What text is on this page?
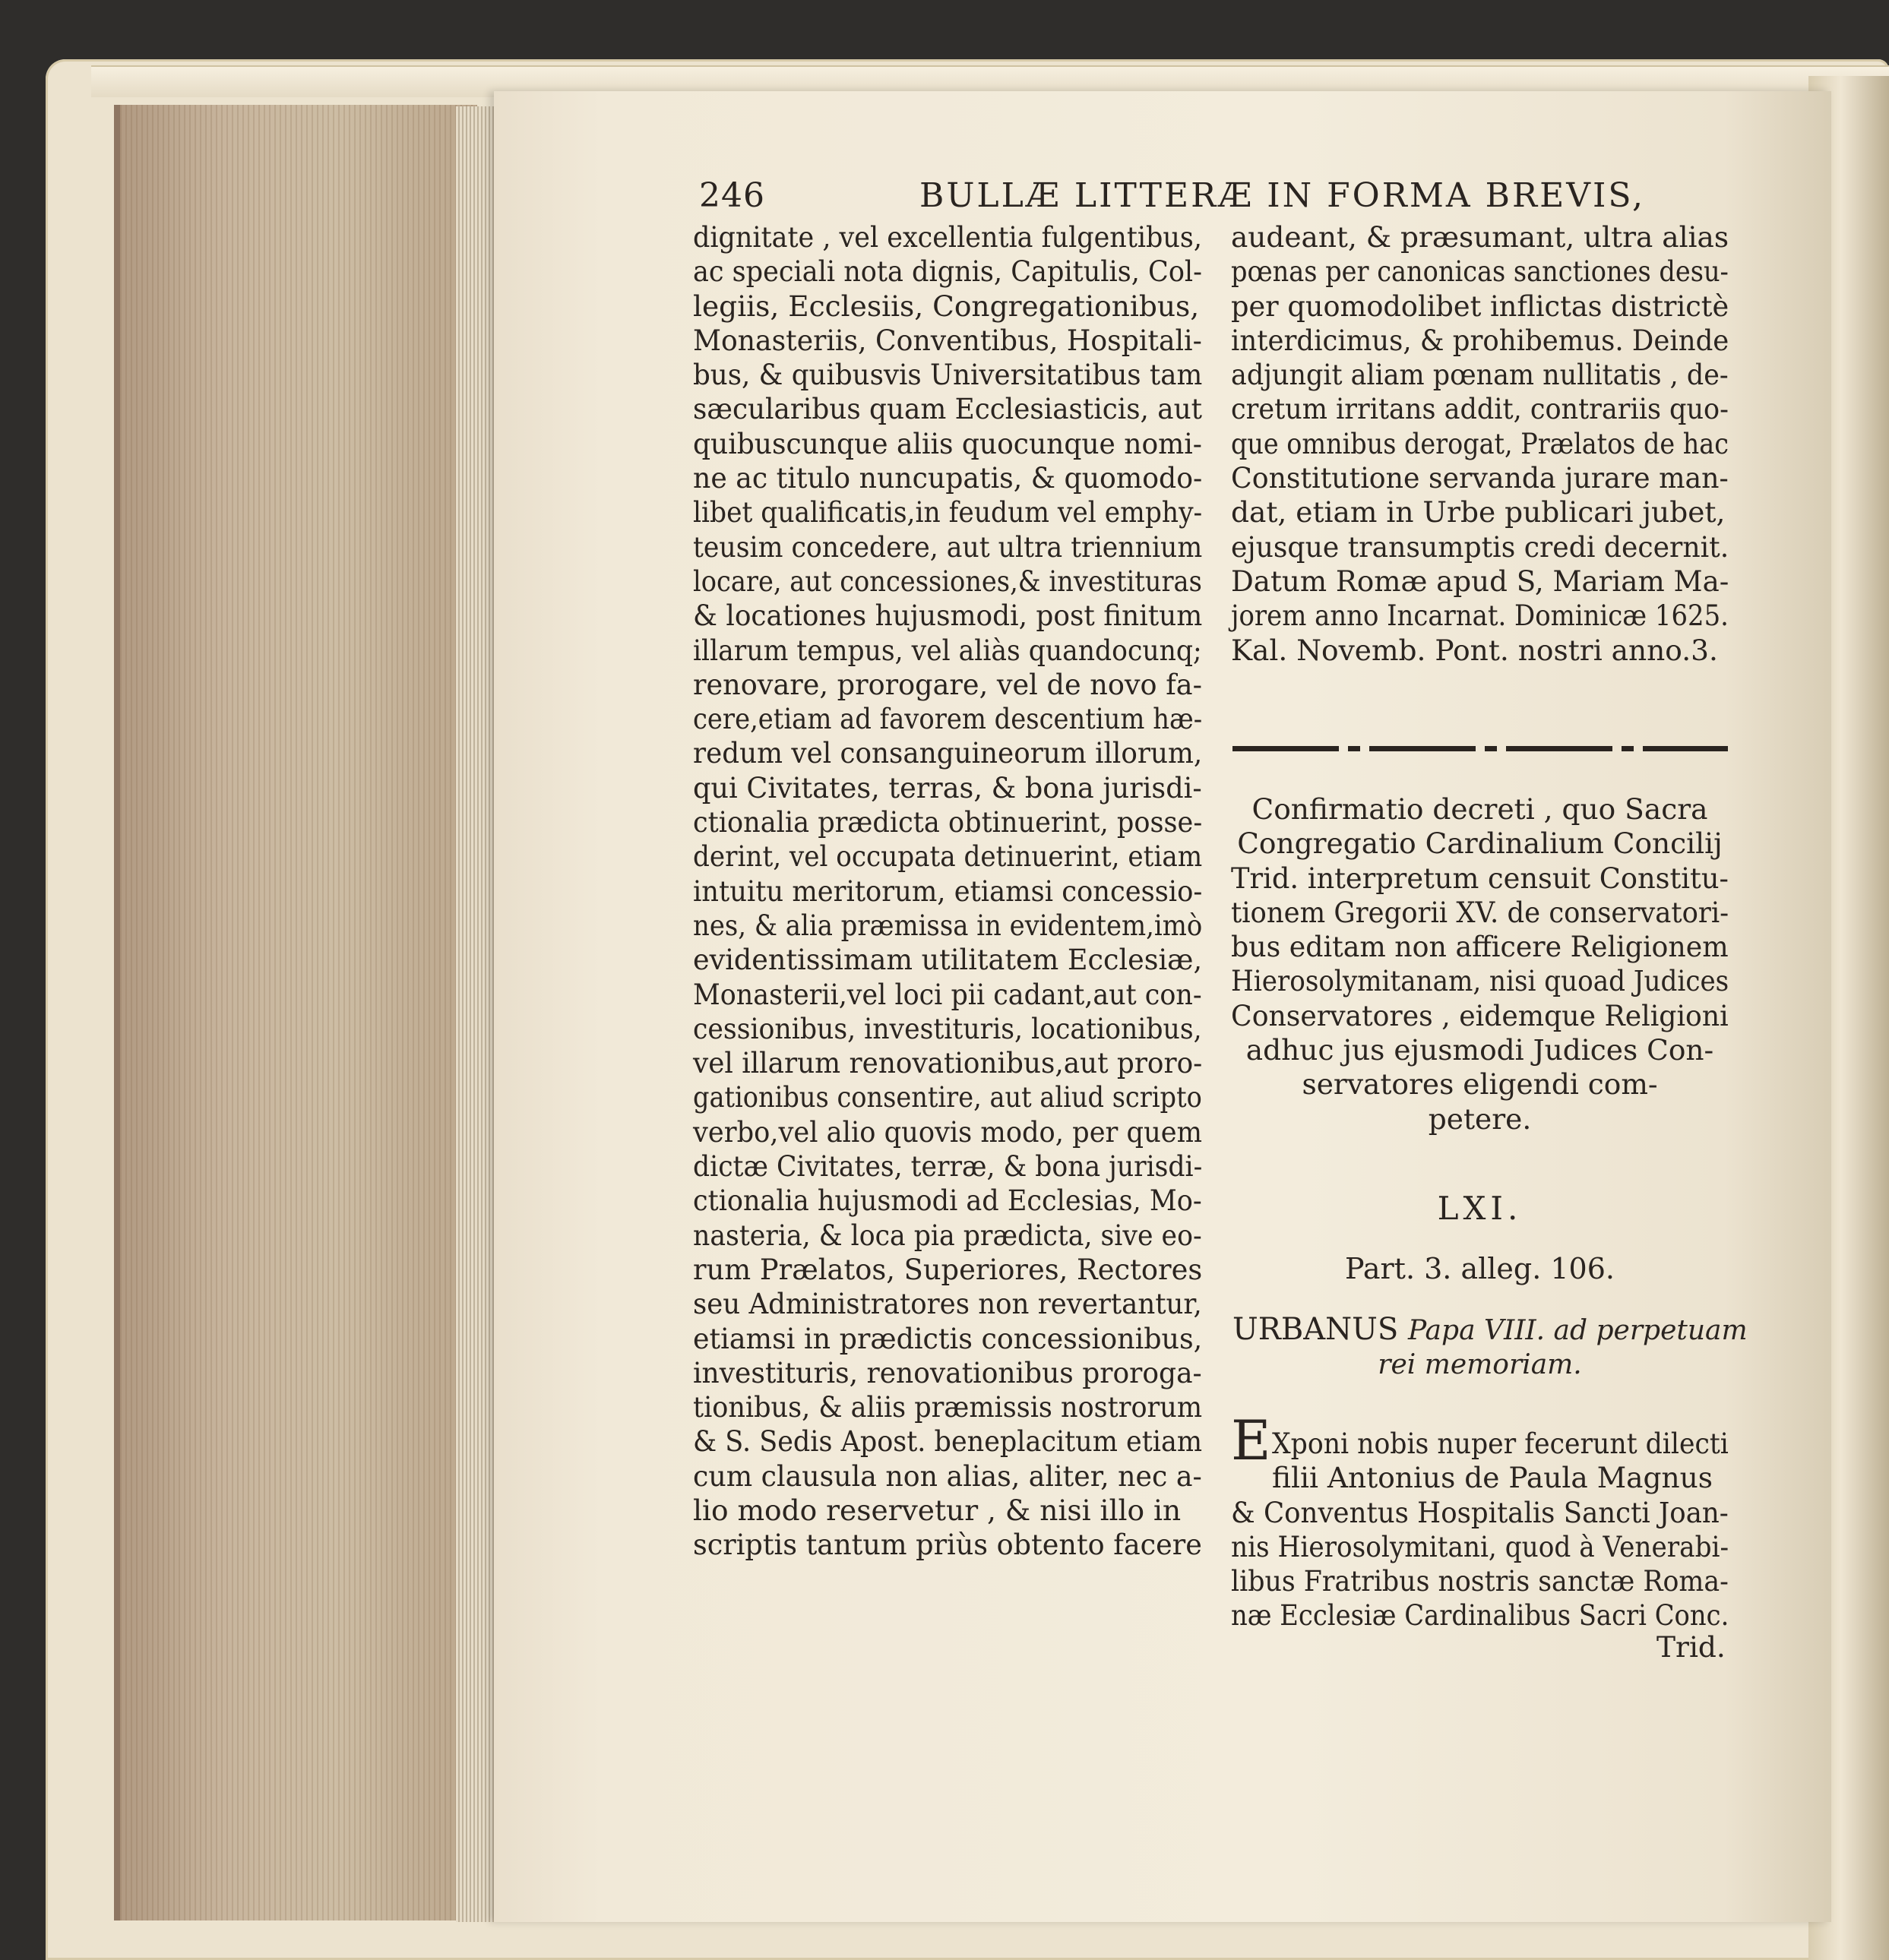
246	BULLÆ LITTERÆ IN FORMA BREVIS,
dignitate , vel excellentia fulgentibus,
ac speciali nota dignis, Capitulis, Col-
legiis, Ecclesiis, Congregationibus,
Monasteriis, Conventibus, Hospitali-
bus, & quibusvis Universitatibus tam
sæcularibus quam Ecclesiasticis, aut
quibuscunque aliis quocunque nomi-
ne ac titulo nuncupatis, & quomodo-
libet qualificatis,in feudum vel emphy-
teusim concedere, aut ultra triennium
locare, aut concessiones,& investituras
& locationes hujusmodi, post finitum
illarum tempus, vel aliàs quandocunq;
renovare, prorogare, vel de novo fa-
cere,etiam ad favorem descentium hæ-
redum vel consanguineorum illorum,
qui Civitates, terras, & bona jurisdi-
ctionalia prædicta obtinuerint, posse-
derint, vel occupata detinuerint, etiam
intuitu meritorum, etiamsi concessio-
nes, & alia præmissa in evidentem,imò
evidentissimam utilitatem Ecclesiæ,
Monasterii,vel loci pii cadant,aut con-
cessionibus, investituris, locationibus,
vel illarum renovationibus,aut proro-
gationibus consentire, aut aliud scripto
verbo,vel alio quovis modo, per quem
dictæ Civitates, terræ, & bona jurisdi-
ctionalia hujusmodi ad Ecclesias, Mo-
nasteria, & loca pia prædicta, sive eo-
rum Prælatos, Superiores, Rectores
seu Administratores non revertantur,
etiamsi in prædictis concessionibus,
investituris, renovationibus proroga-
tionibus, & aliis præmissis nostrorum
& S. Sedis Apost. beneplacitum etiam
cum clausula non alias, aliter, nec a-
lio modo reservetur , & nisi illo in
scriptis tantum priùs obtento facere
audeant, & præsumant, ultra alias
pœnas per canonicas sanctiones desu-
per quomodolibet inflictas districtè
interdicimus, & prohibemus. Deinde
adjungit aliam pœnam nullitatis , de-
cretum irritans addit, contrariis quo-
que omnibus derogat, Prælatos de hac
Constitutione servanda jurare man-
dat, etiam in Urbe publicari jubet,
ejusque transumptis credi decernit.
Datum Romæ apud S, Mariam Ma-
jorem anno Incarnat. Dominicæ 1625.
Kal. Novemb. Pont. nostri anno.3.
Confirmatio decreti , quo Sacra
Congregatio Cardinalium Concilij
Trid. interpretum censuit Constitu-
tionem Gregorii XV. de conservatori-
bus editam non afficere Religionem
Hierosolymitanam, nisi quoad Judices
Conservatores , eidemque Religioni
adhuc jus ejusmodi Judices Con-
servatores eligendi com-
petere.
LXI.
Part. 3. alleg. 106.
URBANUS Papa VIII. ad perpetuam
rei memoriam.
E Xponi nobis nuper fecerunt dilecti
filii Antonius de Paula Magnus
& Conventus Hospitalis Sancti Joan-
nis Hierosolymitani, quod à Venerabi-
libus Fratribus nostris sanctæ Roma-
næ Ecclesiæ Cardinalibus Sacri Conc.
Trid.
